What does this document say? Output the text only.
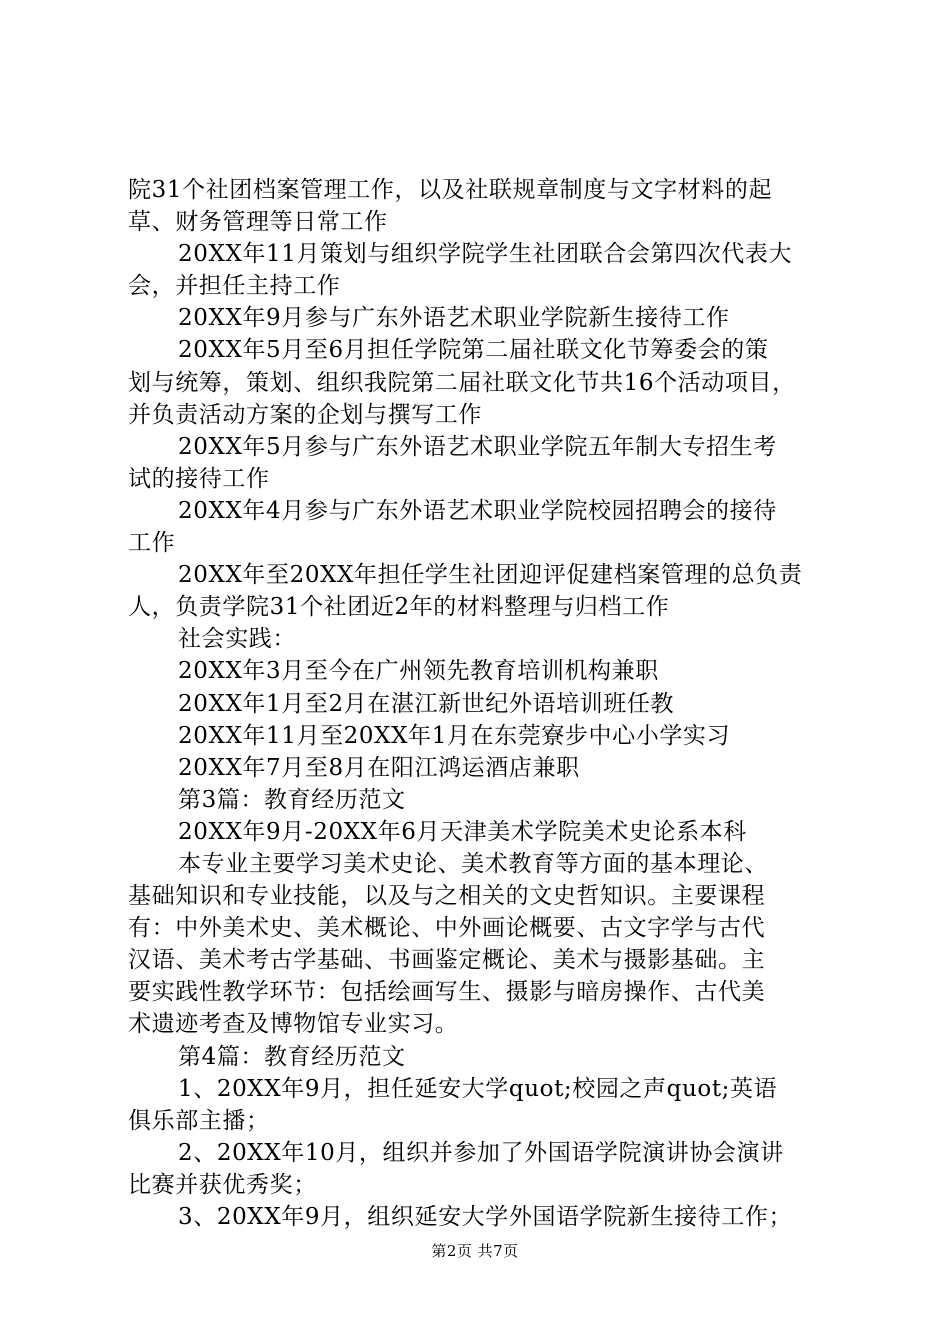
院31个社团档案管理工作，以及社联规章制度与文字材料的起

草、财务管理等日常工作

20XX年11月策划与组织学院学生社团联合会第四次代表大

会，并担任主持工作

20XX年9月参与广东外语艺术职业学院新生接待工作

20XX年5月至6月担任学院第二届社联文化节筹委会的策

划与统筹，策划、组织我院第二届社联文化节共16个活动项目，

并负责活动方案的企划与撰写工作

20XX年5月参与广东外语艺术职业学院五年制大专招生考

试的接待工作

20XX年4月参与广东外语艺术职业学院校园招聘会的接待

工作

20XX年至20XX年担任学生社团迎评促建档案管理的总负责

人，负责学院31个社团近2年的材料整理与归档工作

社会实践：

20XX年3月至今在广州领先教育培训机构兼职

20XX年1月至2月在湛江新世纪外语培训班任教

20XX年11月至20XX年1月在东莞寮步中心小学实习

20XX年7月至8月在阳江鸿运酒店兼职

第3篇：教育经历范文

20XX年9月-20XX年6月天津美术学院美术史论系本科

本专业主要学习美术史论、美术教育等方面的基本理论、

基础知识和专业技能，以及与之相关的文史哲知识。主要课程

有：中外美术史、美术概论、中外画论概要、古文字学与古代

汉语、美术考古学基础、书画鉴定概论、美术与摄影基础。主

要实践性教学环节：包括绘画写生、摄影与暗房操作、古代美

术遗迹考查及博物馆专业实习。

第4篇：教育经历范文

1、20XX年9月，担任延安大学quot;校园之声quot;英语

俱乐部主播；

2、20XX年10月，组织并参加了外国语学院演讲协会演讲

比赛并获优秀奖；

3、20XX年9月，组织延安大学外国语学院新生接待工作；

第2页 共7页
